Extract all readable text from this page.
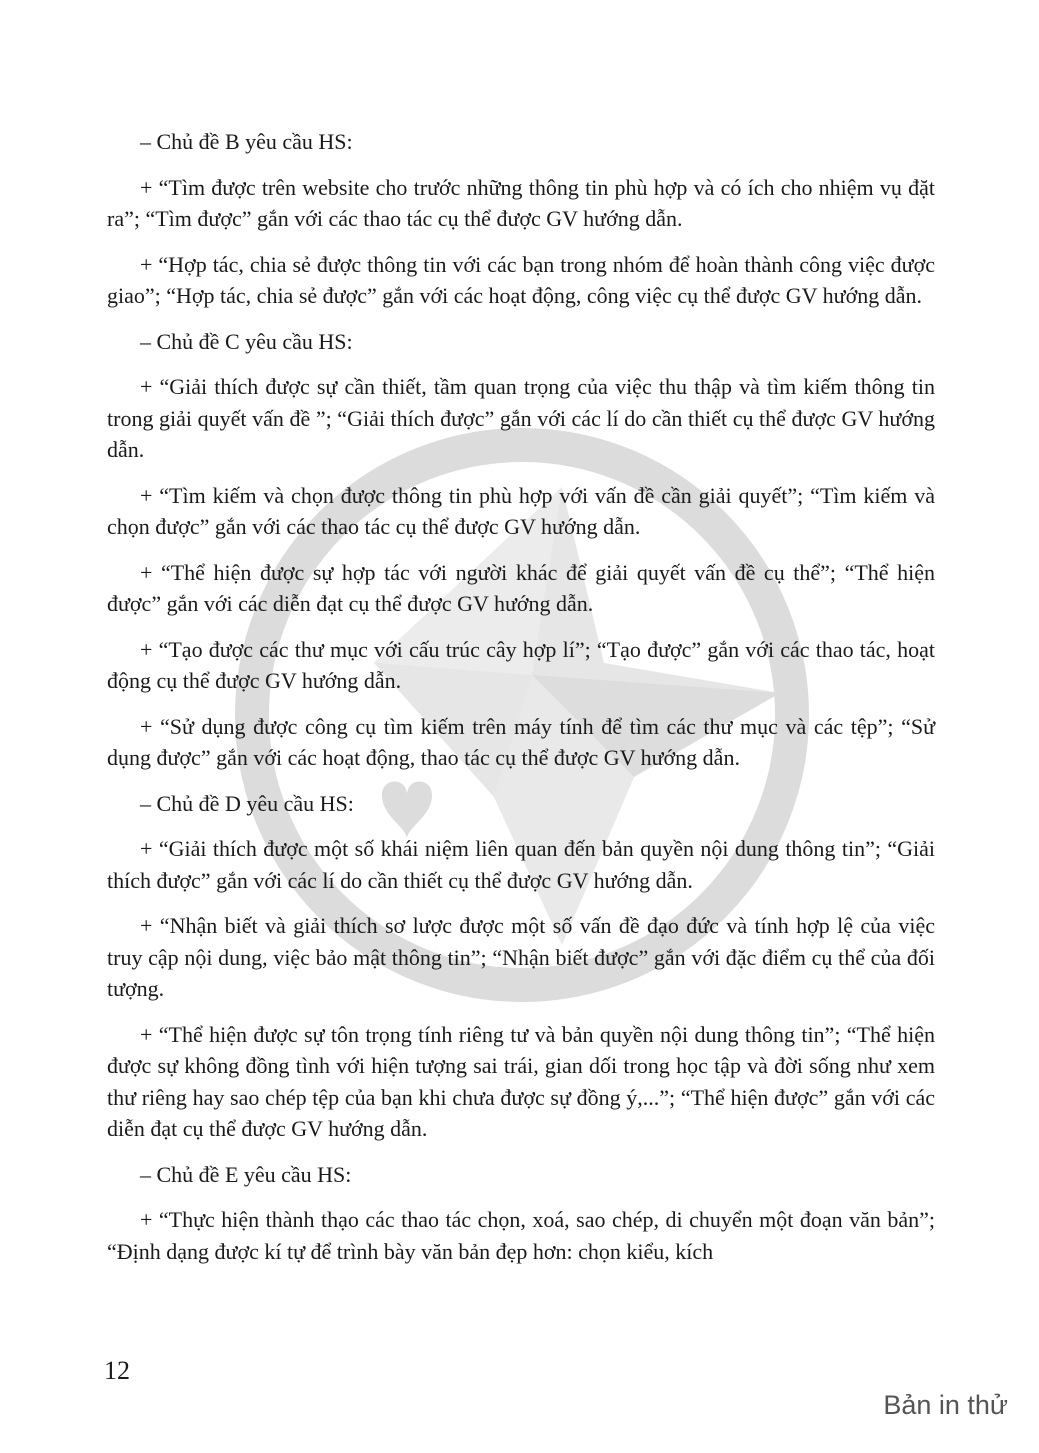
– Chủ đề B yêu cầu HS:

+ “Tìm được trên website cho trước những thông tin phù hợp và có ích cho nhiệm vụ đặt ra”; “Tìm được” gắn với các thao tác cụ thể được GV hướng dẫn.

+ “Hợp tác, chia sẻ được thông tin với các bạn trong nhóm để hoàn thành công việc được giao”; “Hợp tác, chia sẻ được” gắn với các hoạt động, công việc cụ thể được GV hướng dẫn.

– Chủ đề C yêu cầu HS:

+ “Giải thích được sự cần thiết, tầm quan trọng của việc thu thập và tìm kiếm thông tin trong giải quyết vấn đề ”; “Giải thích được” gắn với các lí do cần thiết cụ thể được GV hướng dẫn.

+ “Tìm kiếm và chọn được thông tin phù hợp với vấn đề cần giải quyết”; “Tìm kiếm và chọn được” gắn với các thao tác cụ thể được GV hướng dẫn.

+ “Thể hiện được sự hợp tác với người khác để giải quyết vấn đề cụ thể”; “Thể hiện được” gắn với các diễn đạt cụ thể được GV hướng dẫn.

+ “Tạo được các thư mục với cấu trúc cây hợp lí”; “Tạo được” gắn với các thao tác, hoạt động cụ thể được GV hướng dẫn.

+ “Sử dụng được công cụ tìm kiếm trên máy tính để tìm các thư mục và các tệp”; “Sử dụng được” gắn với các hoạt động, thao tác cụ thể được GV hướng dẫn.

– Chủ đề D yêu cầu HS:

+ “Giải thích được một số khái niệm liên quan đến bản quyền nội dung thông tin”; “Giải thích được” gắn với các lí do cần thiết cụ thể được GV hướng dẫn.

+ “Nhận biết và giải thích sơ lược được một số vấn đề đạo đức và tính hợp lệ của việc truy cập nội dung, việc bảo mật thông tin”; “Nhận biết được” gắn với đặc điểm cụ thể của đối tượng.

+ “Thể hiện được sự tôn trọng tính riêng tư và bản quyền nội dung thông tin”; “Thể hiện được sự không đồng tình với hiện tượng sai trái, gian dối trong học tập và đời sống như xem thư riêng hay sao chép tệp của bạn khi chưa được sự đồng ý,...”; “Thể hiện được” gắn với các diễn đạt cụ thể được GV hướng dẫn.

– Chủ đề E yêu cầu HS:

+ “Thực hiện thành thạo các thao tác chọn, xoá, sao chép, di chuyển một đoạn văn bản”; “Định dạng được kí tự để trình bày văn bản đẹp hơn: chọn kiểu, kích

12
Bản in thử
